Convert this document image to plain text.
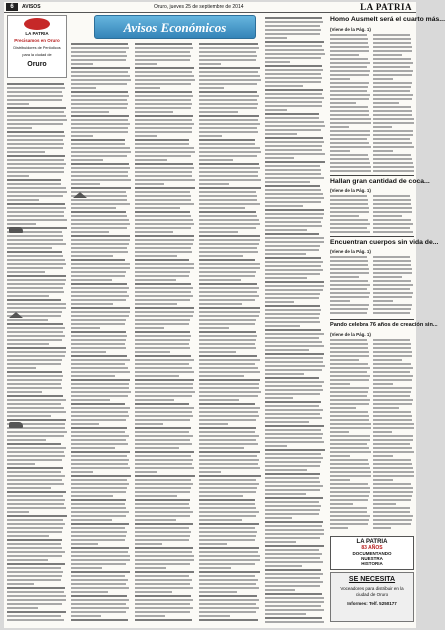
6	AVISOS	Oruro, jueves 25 de septiembre de 2014	LA PATRIA
Avisos Económicos
LA PATRIA
Precisamos en Oruro
Distribuidores de Periódicos
para la ciudad de
Oruro
Homo Ausmelt será el cuarto más...
(Viene de la Pág. 1)
Hallan gran cantidad de coca...
(Viene de la Pág. 1)
Encuentran cuerpos sin vida de...
(Viene de la Pág. 1)
Pando celebra 76 años de creación sin...
(Viene de la Pág. 1)
LA PATRIA
83 AÑOS
DOCUMENTANDO
NUESTRA
HISTORIA
SE NECESITA
Voceadores para distribuir en la ciudad de Oruro
Informes: Telf. 5250177
